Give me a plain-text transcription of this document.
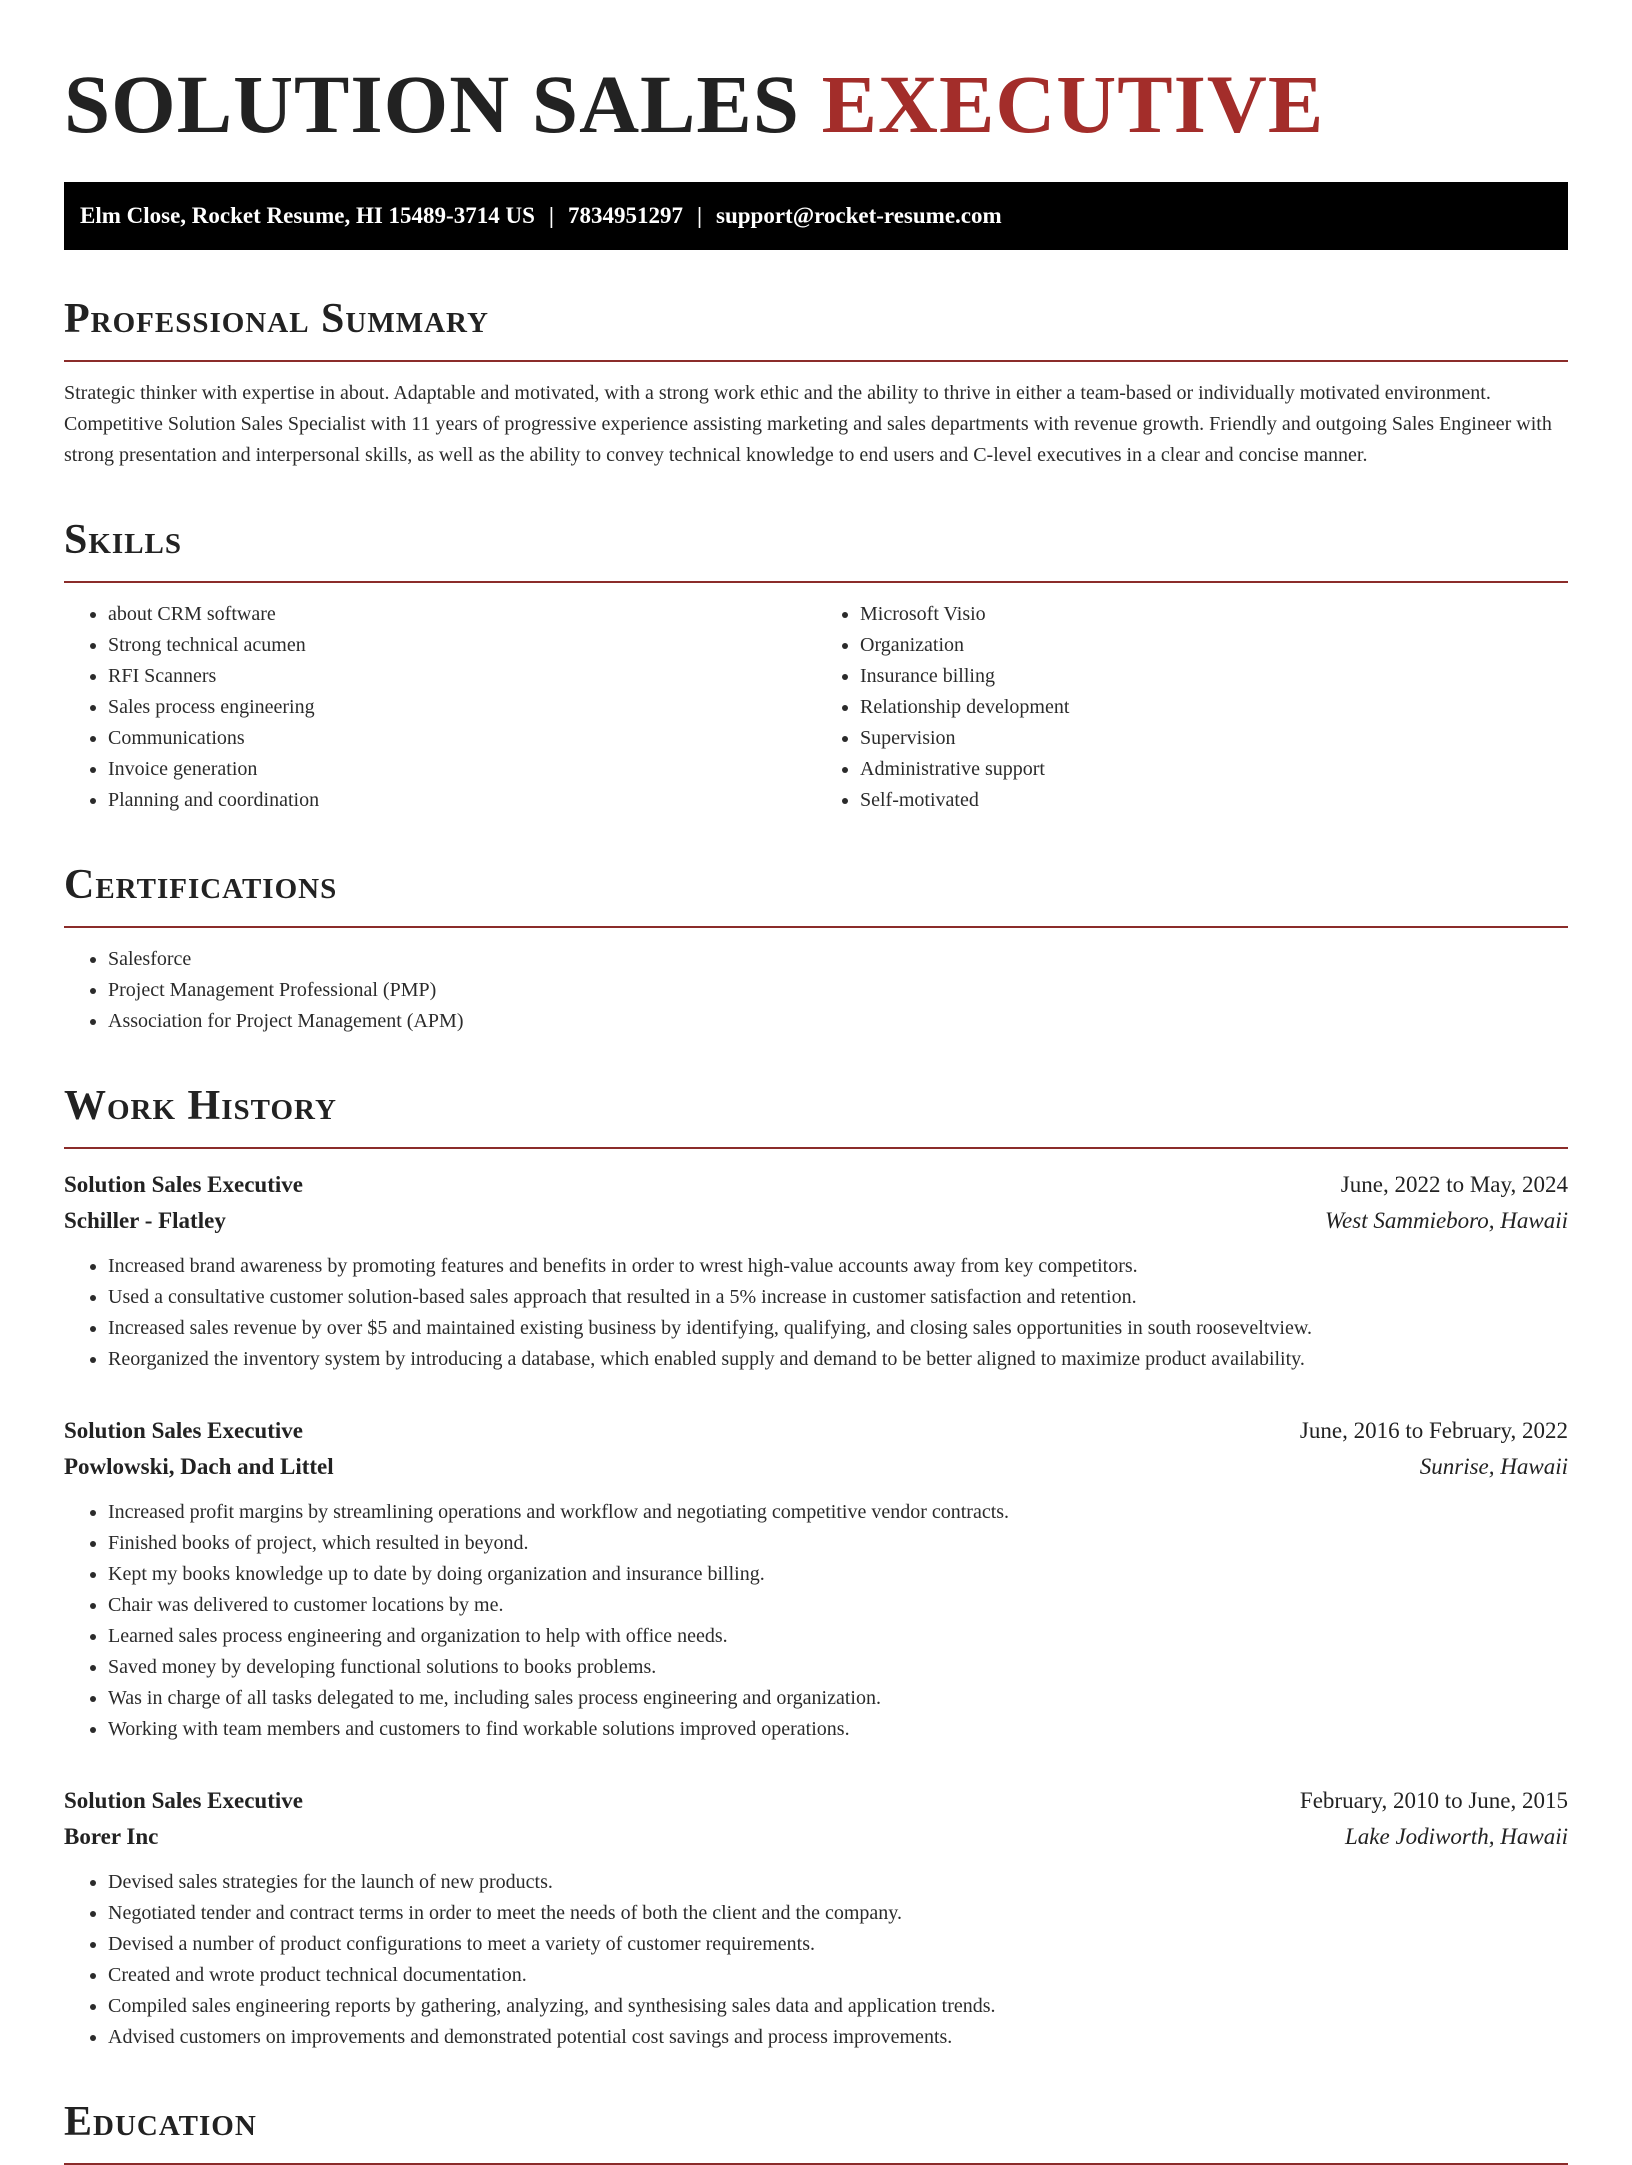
SOLUTION SALES EXECUTIVE
Elm Close, Rocket Resume, HI 15489-3714 US | 7834951297 | support@rocket-resume.com
Professional Summary

Strategic thinker with expertise in about. Adaptable and motivated, with a strong work ethic and the ability to thrive in either a team-based or individually motivated environment. Competitive Solution Sales Specialist with 11 years of progressive experience assisting marketing and sales departments with revenue growth. Friendly and outgoing Sales Engineer with strong presentation and interpersonal skills, as well as the ability to convey technical knowledge to end users and C-level executives in a clear and concise manner.

Skills
• about CRM software
• Strong technical acumen
• RFI Scanners
• Sales process engineering
• Communications
• Invoice generation
• Planning and coordination
• Microsoft Visio
• Organization
• Insurance billing
• Relationship development
• Supervision
• Administrative support
• Self-motivated
Certifications
• Salesforce
• Project Management Professional (PMP)
• Association for Project Management (APM)
Work History
Solution Sales Executive	June, 2022 to May, 2024
Schiller - Flatley	West Sammieboro, Hawaii
• Increased brand awareness by promoting features and benefits in order to wrest high-value accounts away from key competitors.
• Used a consultative customer solution-based sales approach that resulted in a 5% increase in customer satisfaction and retention.
• Increased sales revenue by over $5 and maintained existing business by identifying, qualifying, and closing sales opportunities in south rooseveltview.
• Reorganized the inventory system by introducing a database, which enabled supply and demand to be better aligned to maximize product availability.
Solution Sales Executive	June, 2016 to February, 2022
Powlowski, Dach and Littel	Sunrise, Hawaii
• Increased profit margins by streamlining operations and workflow and negotiating competitive vendor contracts.
• Finished books of project, which resulted in beyond.
• Kept my books knowledge up to date by doing organization and insurance billing.
• Chair was delivered to customer locations by me.
• Learned sales process engineering and organization to help with office needs.
• Saved money by developing functional solutions to books problems.
• Was in charge of all tasks delegated to me, including sales process engineering and organization.
• Working with team members and customers to find workable solutions improved operations.
Solution Sales Executive	February, 2010 to June, 2015
Borer Inc	Lake Jodiworth, Hawaii
• Devised sales strategies for the launch of new products.
• Negotiated tender and contract terms in order to meet the needs of both the client and the company.
• Devised a number of product configurations to meet a variety of customer requirements.
• Created and wrote product technical documentation.
• Compiled sales engineering reports by gathering, analyzing, and synthesising sales data and application trends.
• Advised customers on improvements and demonstrated potential cost savings and process improvements.
Education
